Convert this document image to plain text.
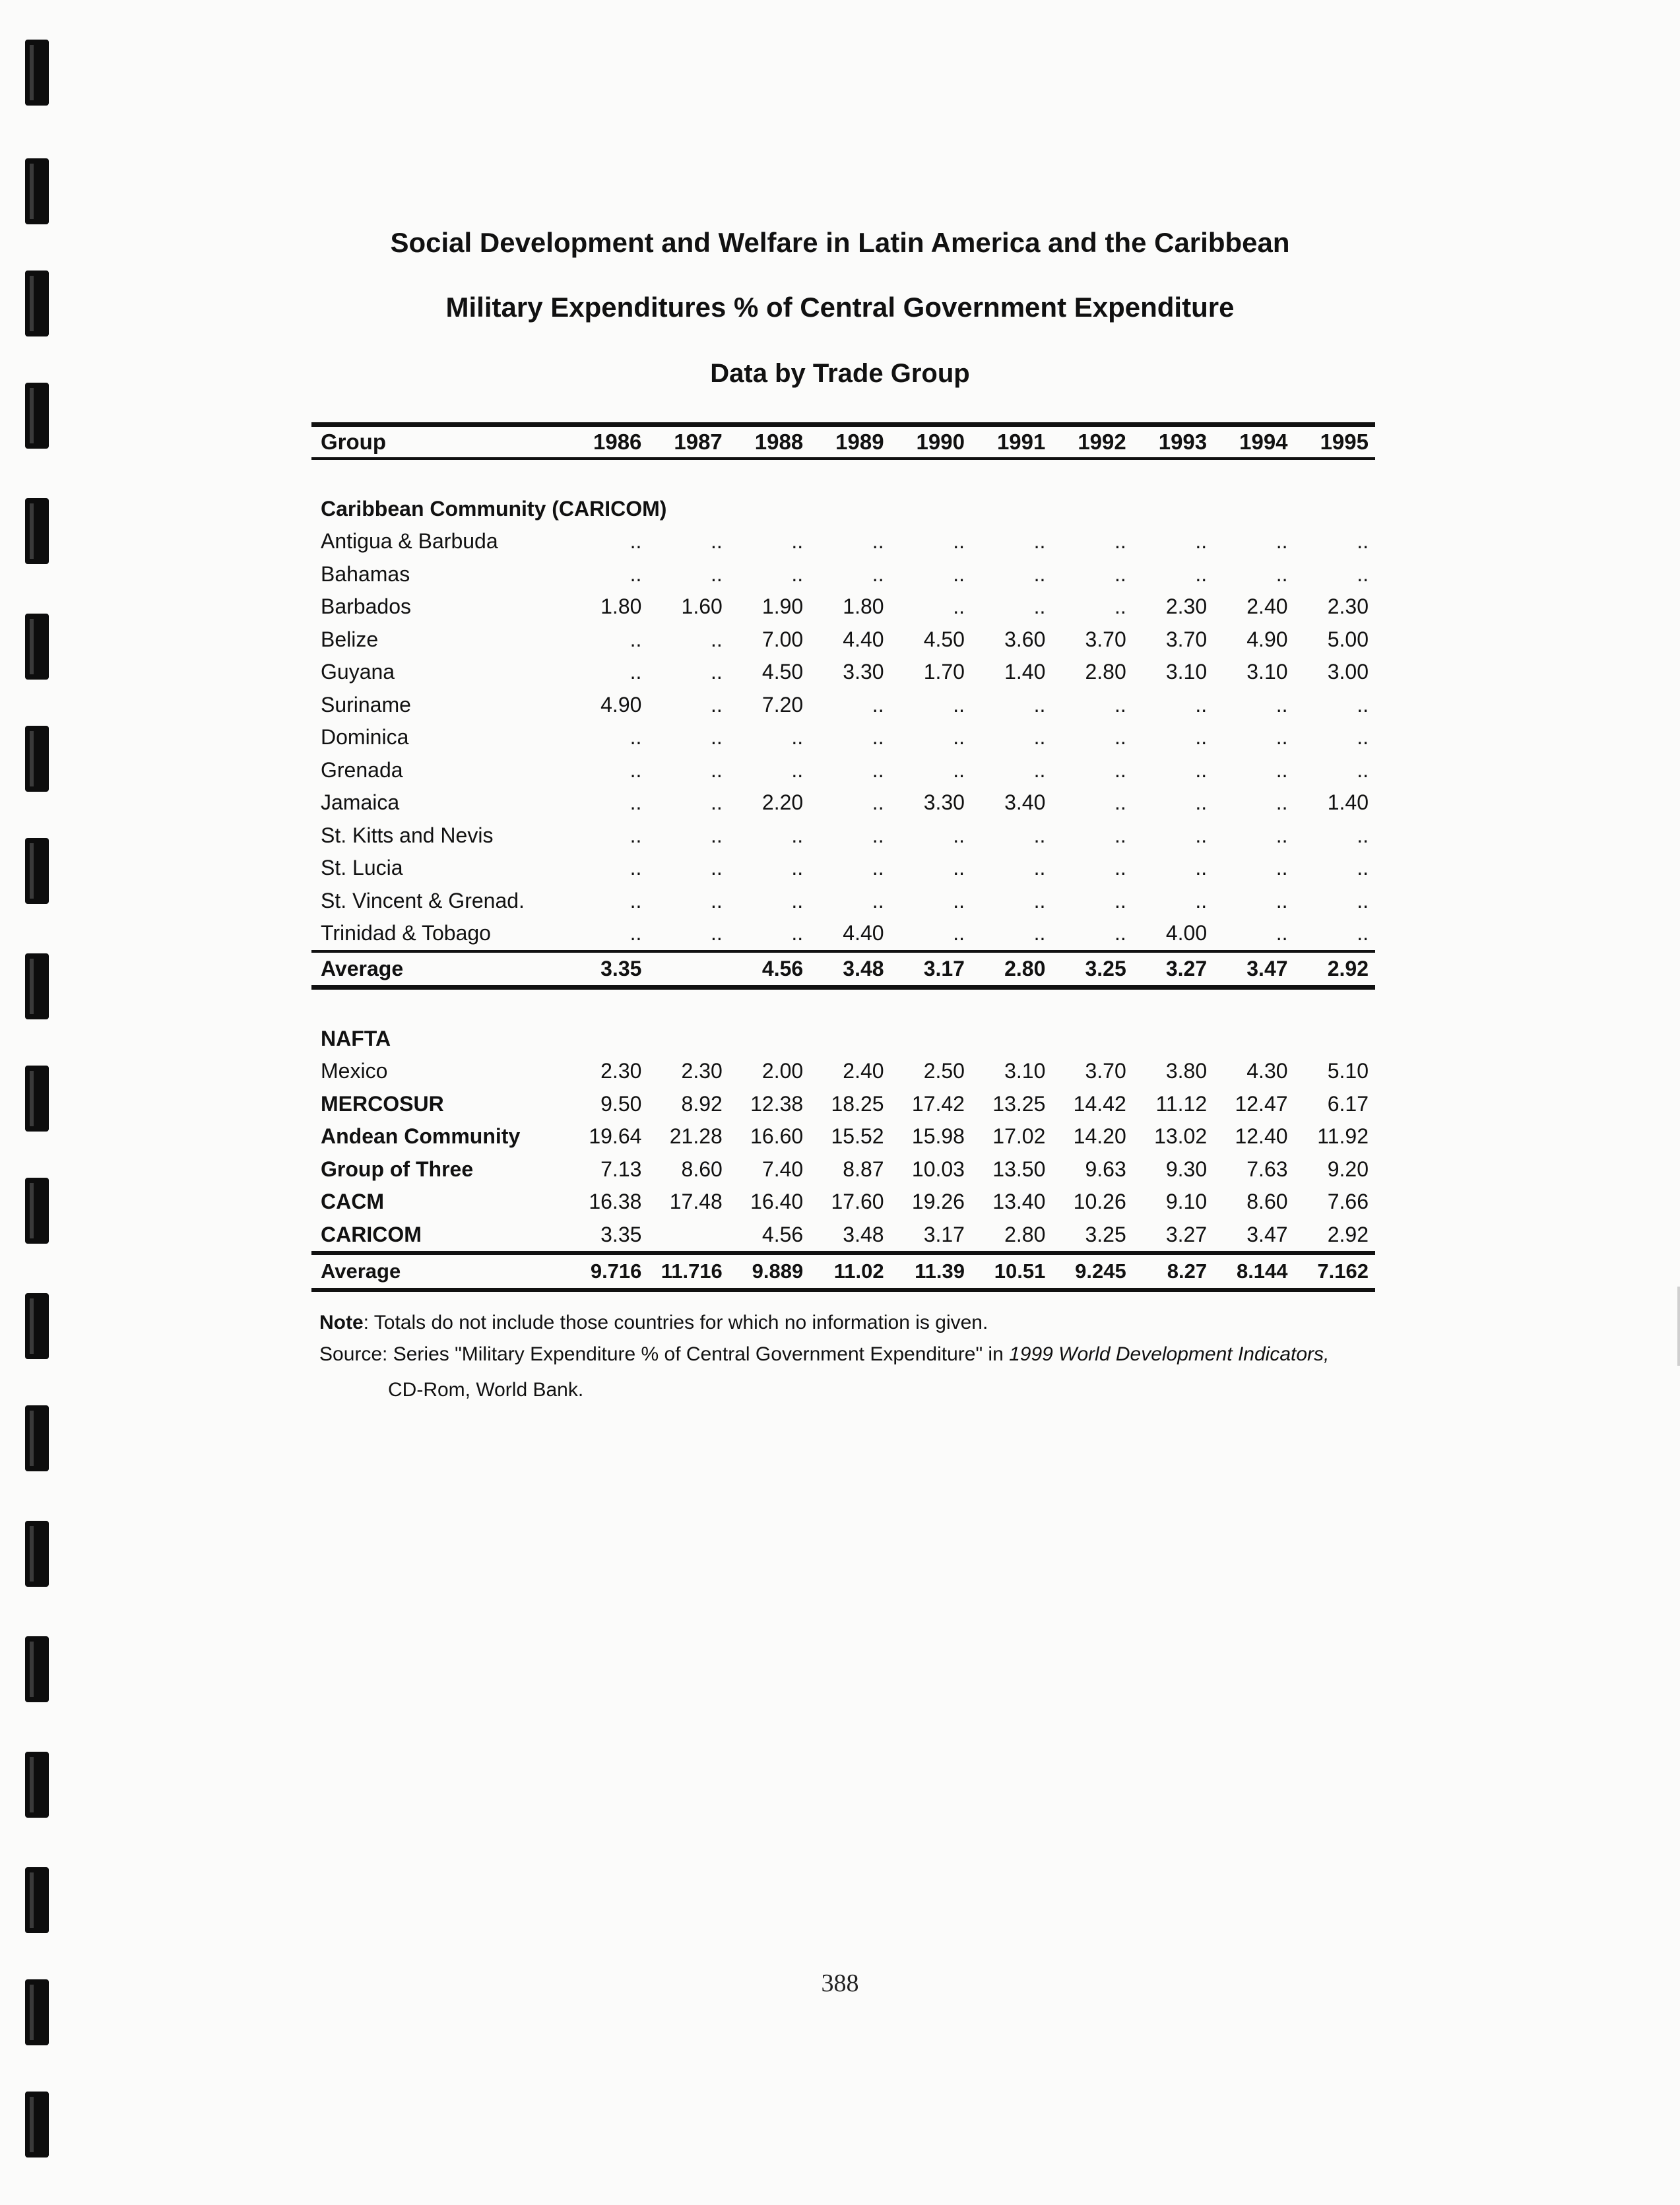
Social Development and Welfare in Latin America and the Caribbean
Military Expenditures % of Central Government Expenditure
Data by Trade Group
Group	1986	1987	1988	1989	1990	1991	1992	1993	1994	1995

Caribbean Community (CARICOM)										
Antigua & Barbuda	..	..	..	..	..	..	..	..	..	..
Bahamas	..	..	..	..	..	..	..	..	..	..
Barbados	1.80	1.60	1.90	1.80	..	..	..	2.30	2.40	2.30
Belize	..	..	7.00	4.40	4.50	3.60	3.70	3.70	4.90	5.00
Guyana	..	..	4.50	3.30	1.70	1.40	2.80	3.10	3.10	3.00
Suriname	4.90	..	7.20	..	..	..	..	..	..	..
Dominica	..	..	..	..	..	..	..	..	..	..
Grenada	..	..	..	..	..	..	..	..	..	..
Jamaica	..	..	2.20	..	3.30	3.40	..	..	..	1.40
St. Kitts and Nevis	..	..	..	..	..	..	..	..	..	..
St. Lucia	..	..	..	..	..	..	..	..	..	..
St. Vincent & Grenad.	..	..	..	..	..	..	..	..	..	..
Trinidad & Tobago	..	..	..	4.40	..	..	..	4.00	..	..
Average	3.35		4.56	3.48	3.17	2.80	3.25	3.27	3.47	2.92

NAFTA										
Mexico	2.30	2.30	2.00	2.40	2.50	3.10	3.70	3.80	4.30	5.10
MERCOSUR	9.50	8.92	12.38	18.25	17.42	13.25	14.42	11.12	12.47	6.17
Andean Community	19.64	21.28	16.60	15.52	15.98	17.02	14.20	13.02	12.40	11.92
Group of Three	7.13	8.60	7.40	8.87	10.03	13.50	9.63	9.30	7.63	9.20
CACM	16.38	17.48	16.40	17.60	19.26	13.40	10.26	9.10	8.60	7.66
CARICOM	3.35		4.56	3.48	3.17	2.80	3.25	3.27	3.47	2.92
Average	9.716	11.716	9.889	11.02	11.39	10.51	9.245	8.27	8.144	7.162
Note: Totals do not include those countries for which no information is given.
Source: Series "Military Expenditure % of Central Government Expenditure" in 1999 World Development Indicators,
CD-Rom, World Bank.
388
